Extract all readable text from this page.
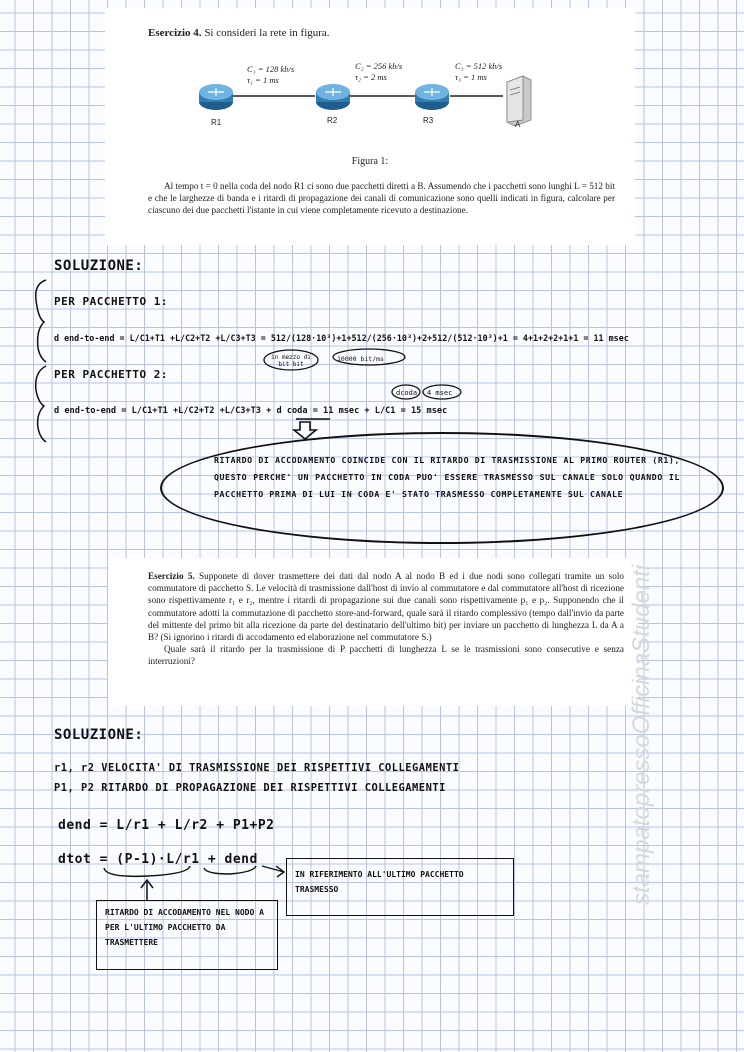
Esercizio 4. Si consideri la rete in figura.
C₁ = 128 kb/s
τ₁ = 1 ms
C₂ = 256 kb/s
τ₂ = 2 ms
C₃ = 512 kb/s
τ₃ = 1 ms
R1	R2	R3	A
Figura 1:

Al tempo t = 0 nella coda del nodo R1 ci sono due pacchetti diretti a B. Assumendo che i pacchetti sono lunghi L = 512 bit e che le larghezze di banda e i ritardi di propagazione dei canali di comunicazione sono quelli indicati in figura, calcolare per ciascuno dei due pacchetti l'istante in cui viene completamente ricevuto a destinazione.

SOLUZIONE:
PER PACCHETTO 1:
d end-to-end = L/C1+T1 +L/C2+T2 +L/C3+T3 = 512/(128·10³)+1+512/(256·10³)+2+512/(512·10³)+1 = 4+1+2+2+1+1 = 11 msec
in mezzo di bit bit
10000 bit/ms
PER PACCHETTO 2:
d end-to-end = L/C1+T1 +L/C2+T2 +L/C3+T3 + d coda = 11 msec + L/C1 = 15 msec
dcoda 4 msec
RITARDO DI ACCODAMENTO COINCIDE CON IL RITARDO DI TRASMISSIONE AL PRIMO ROUTER (R1), QUESTO PERCHE' UN PACCHETTO IN CODA PUO' ESSERE TRASMESSO SUL CANALE SOLO QUANDO IL PACCHETTO PRIMA DI LUI IN CODA E' STATO TRASMESSO COMPLETAMENTE SUL CANALE

Esercizio 5. Supponete di dover trasmettere dei dati dal nodo A al nodo B ed i due nodi sono collegati tramite un solo commutatore di pacchetto S. Le velocità di trasmissione dall'host di invio al commutatore e dal commutatore all'host di ricezione sono rispettivamente r₁ e r₂, mentre i ritardi di propagazione sui due canali sono rispettivamente p₁ e p₂. Supponendo che il commutatore adotti la commutazione di pacchetto store-and-forward, quale sarà il ritardo complessivo (tempo dall'invio da parte del mittente del primo bit alla ricezione da parte del destinatario dell'ultimo bit) per inviare un pacchetto di lunghezza L da A a B? (Si ignorino i ritardi di accodamento ed elaborazione nel commutatore S.)

Quale sarà il ritardo per la trasmissione di P pacchetti di lunghezza L se le trasmissioni sono consecutive e senza interruzioni?

SOLUZIONE:
r1, r2 VELOCITA' DI TRASMISSIONE DEI RISPETTIVI COLLEGAMENTI
P1, P2 RITARDO DI PROPAGAZIONE DEI RISPETTIVI COLLEGAMENTI
dend = L/r1 + L/r2 + P1+P2
dtot = (P-1)·L/r1 + dend
IN RIFERIMENTO ALL'ULTIMO PACCHETTO TRASMESSO
RITARDO DI ACCODAMENTO NEL NODO A PER L'ULTIMO PACCHETTO DA TRASMETTERE
stampatopressoOfficinaStudenti
